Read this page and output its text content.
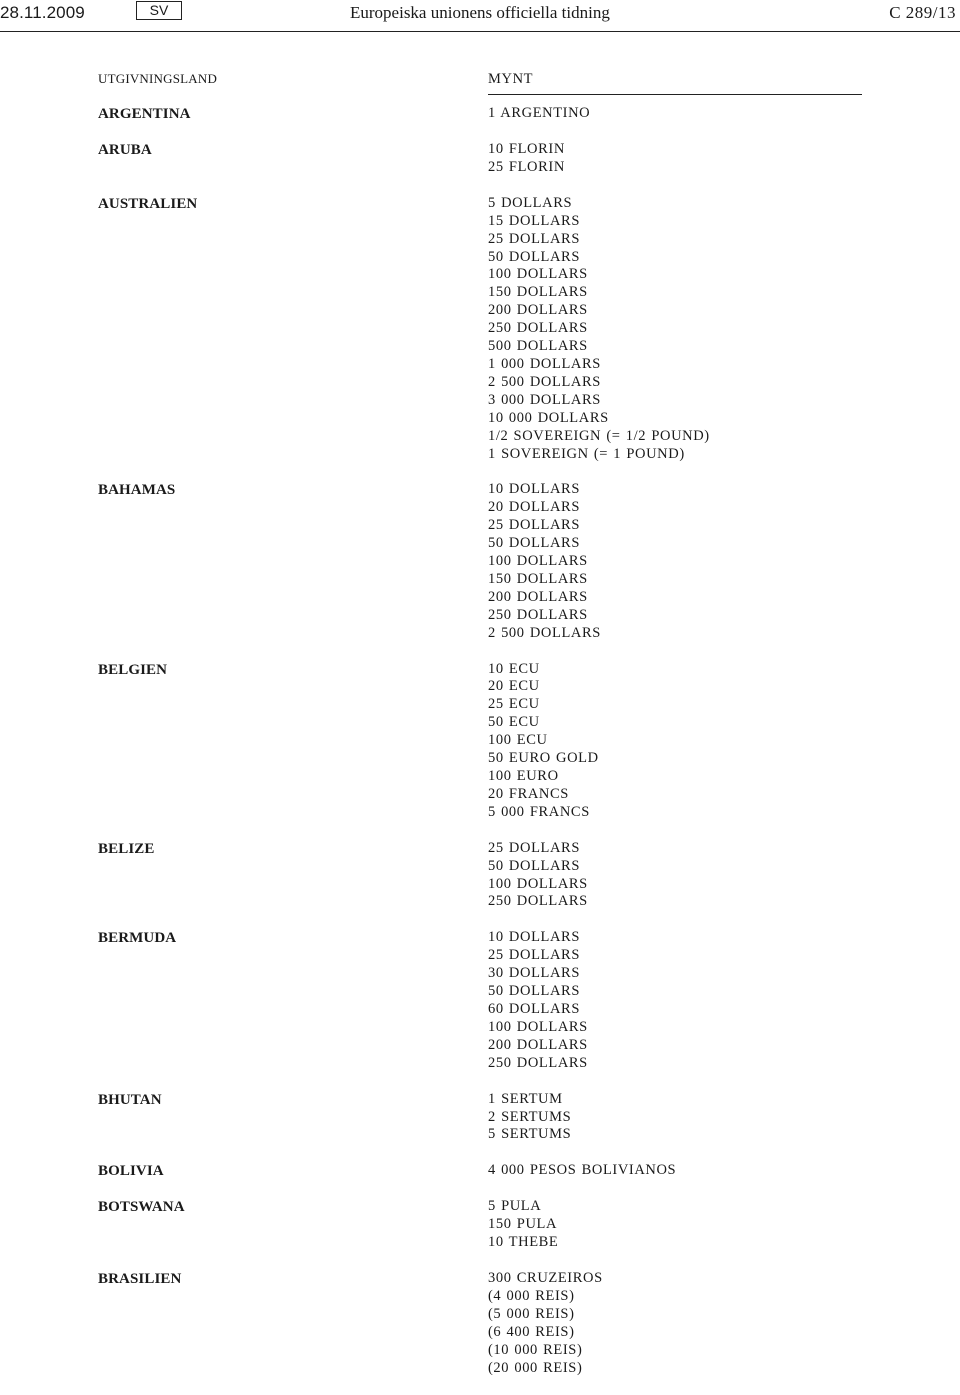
28.11.2009	SV	Europeiska unionens officiella tidning	C 289/13
UTGIVNINGSLAND	MYNT
ARGENTINA	1 ARGENTINO
ARUBA	10 FLORIN
25 FLORIN
AUSTRALIEN	5 DOLLARS
15 DOLLARS
25 DOLLARS
50 DOLLARS
100 DOLLARS
150 DOLLARS
200 DOLLARS
250 DOLLARS
500 DOLLARS
1 000 DOLLARS
2 500 DOLLARS
3 000 DOLLARS
10 000 DOLLARS
1/2 SOVEREIGN (= 1/2 POUND)
1 SOVEREIGN (= 1 POUND)
BAHAMAS	10 DOLLARS
20 DOLLARS
25 DOLLARS
50 DOLLARS
100 DOLLARS
150 DOLLARS
200 DOLLARS
250 DOLLARS
2 500 DOLLARS
BELGIEN	10 ECU
20 ECU
25 ECU
50 ECU
100 ECU
50 EURO GOLD
100 EURO
20 FRANCS
5 000 FRANCS
BELIZE	25 DOLLARS
50 DOLLARS
100 DOLLARS
250 DOLLARS
BERMUDA	10 DOLLARS
25 DOLLARS
30 DOLLARS
50 DOLLARS
60 DOLLARS
100 DOLLARS
200 DOLLARS
250 DOLLARS
BHUTAN	1 SERTUM
2 SERTUMS
5 SERTUMS
BOLIVIA	4 000 PESOS BOLIVIANOS
BOTSWANA	5 PULA
150 PULA
10 THEBE
BRASILIEN	300 CRUZEIROS
(4 000 REIS)
(5 000 REIS)
(6 400 REIS)
(10 000 REIS)
(20 000 REIS)
